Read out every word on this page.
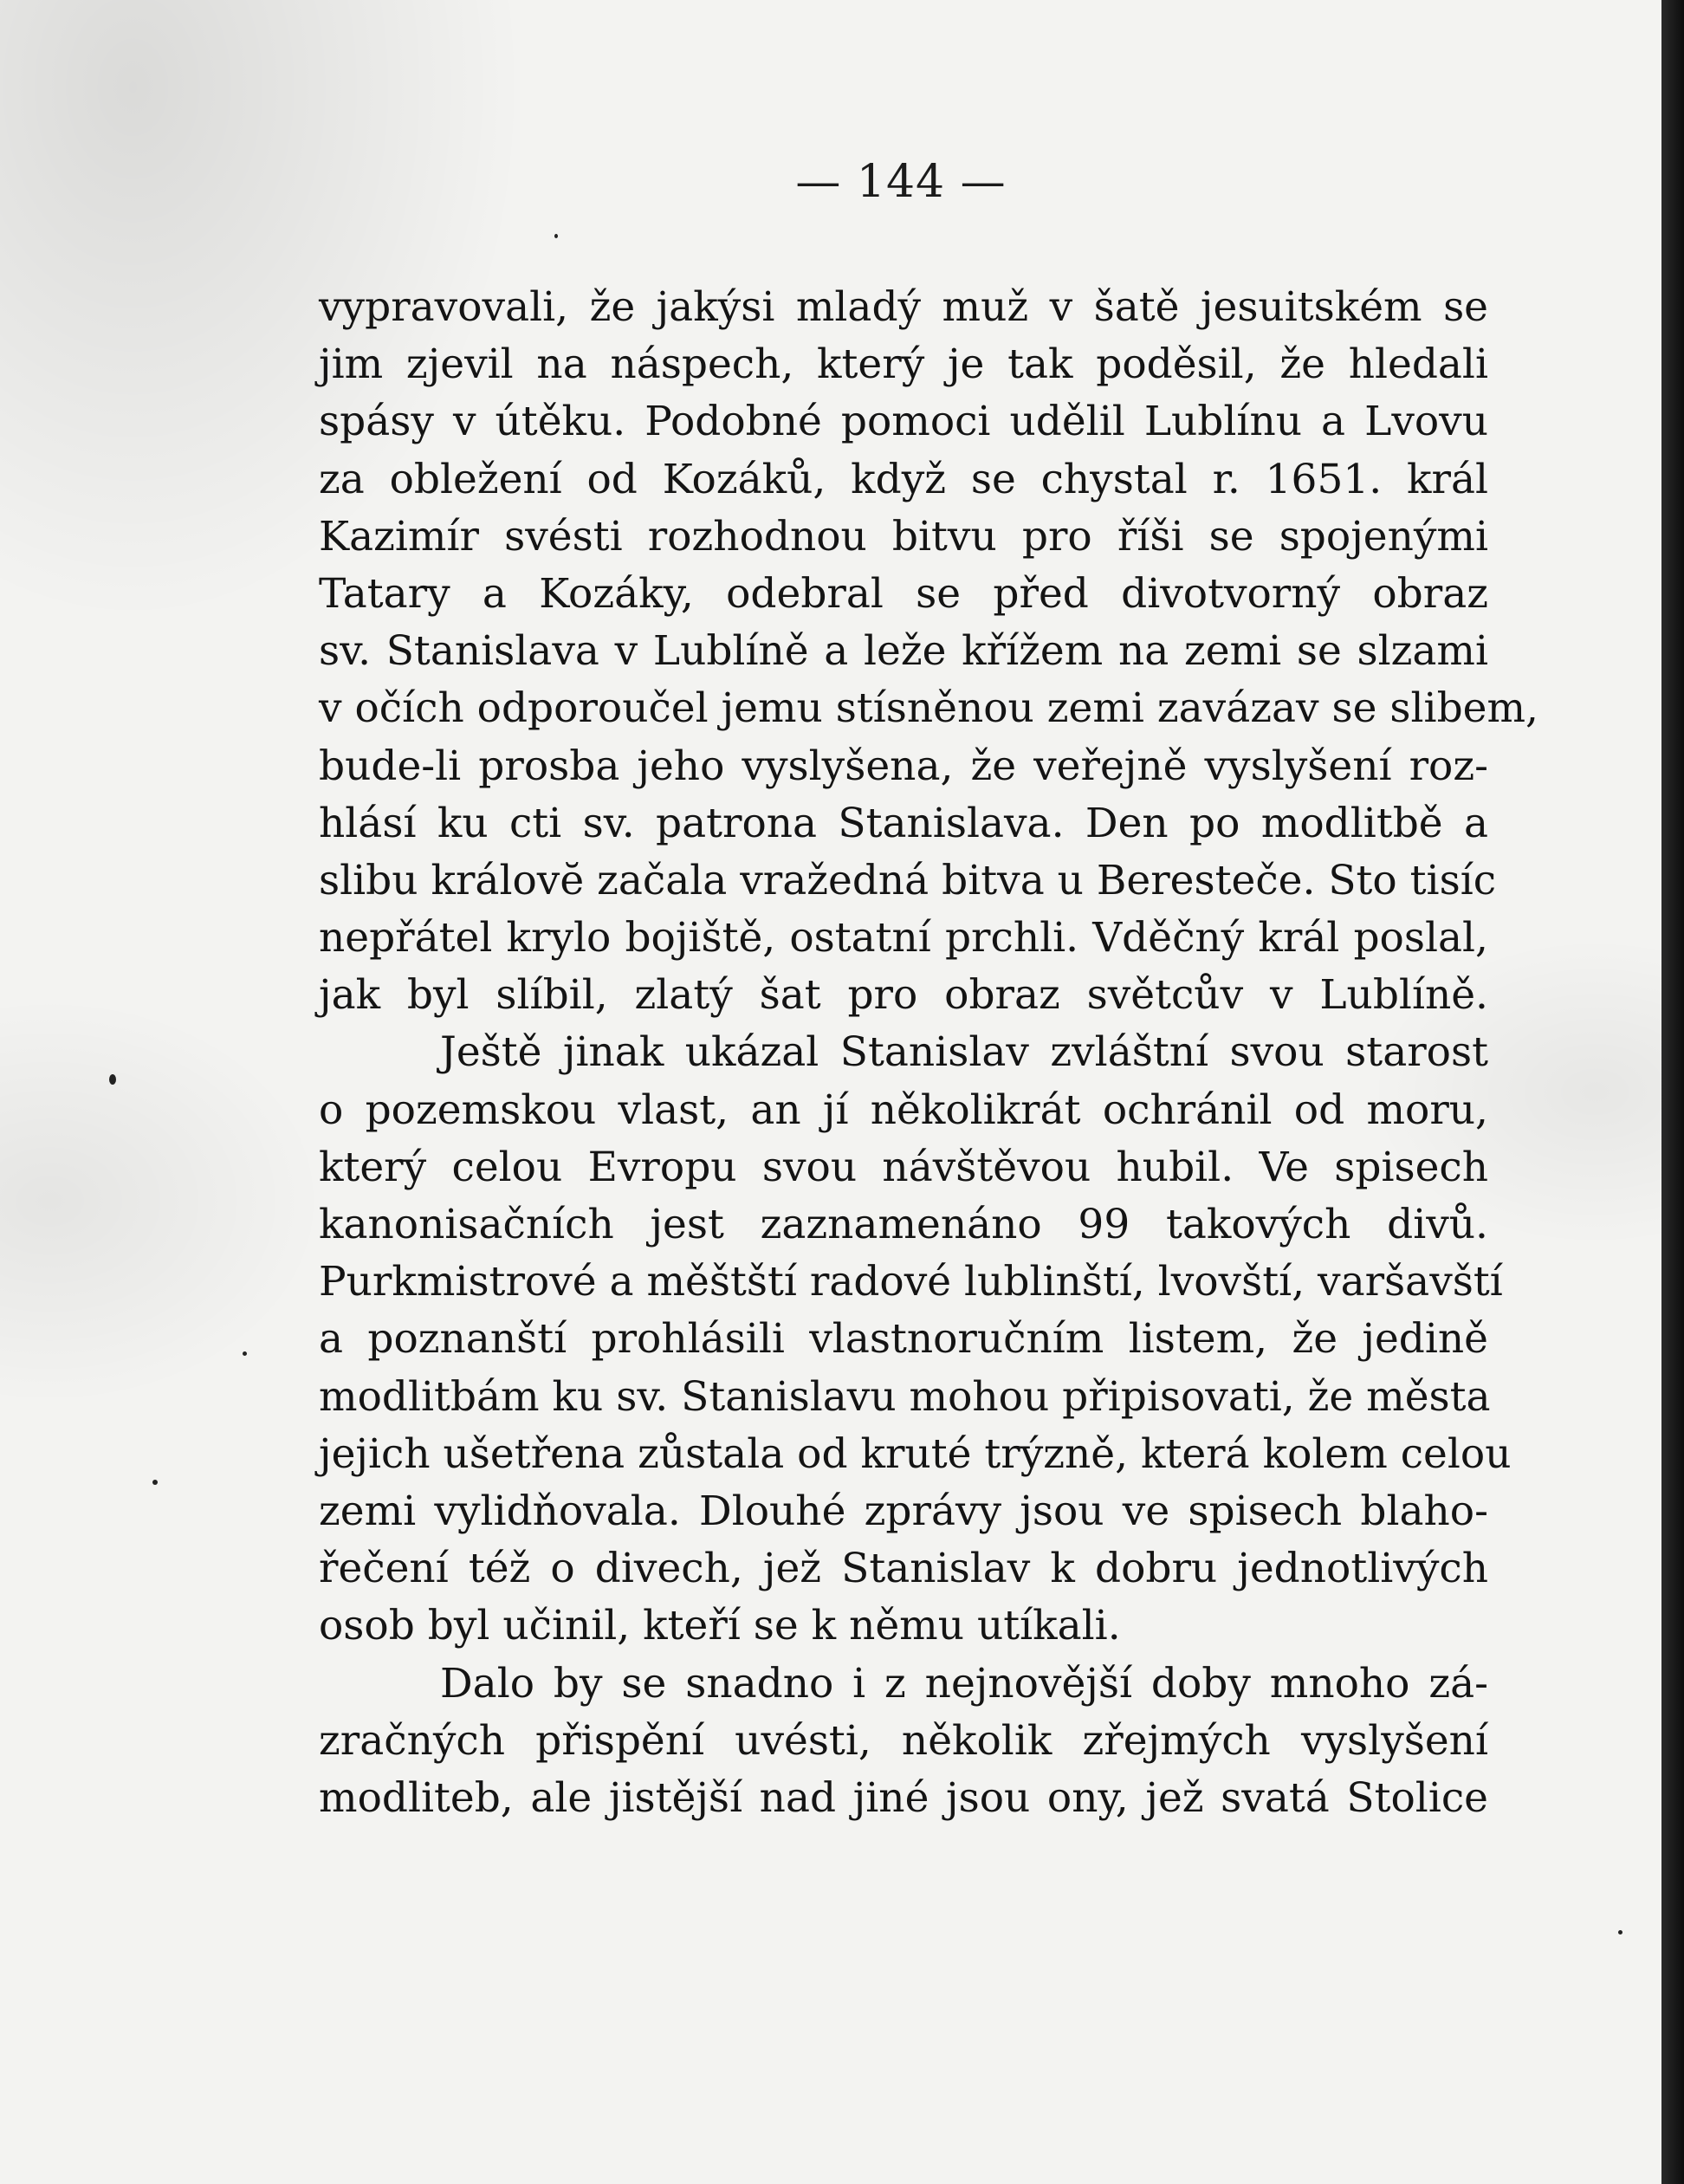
— 144 —
vypravovali, že jakýsi mladý muž v šatě jesuitském se
jim zjevil na náspech, který je tak poděsil, že hledali
spásy v útěku. Podobné pomoci udělil Lublínu a Lvovu
za obležení od Kozáků, když se chystal r. 1651. král
Kazimír svésti rozhodnou bitvu pro říši se spojenými
Tatary a Kozáky, odebral se před divotvorný obraz
sv. Stanislava v Lublíně a leže křížem na zemi se slzami
v očích odporoučel jemu stísněnou zemi zavázav se slibem,
bude-li prosba jeho vyslyšena, že veřejně vyslyšení roz-
hlásí ku cti sv. patrona Stanislava. Den po modlitbě a
slibu královĕ začala vražedná bitva u Beresteče. Sto tisíc
nepřátel krylo bojiště, ostatní prchli. Vděčný král poslal,
jak byl slíbil, zlatý šat pro obraz světcův v Lublíně.
Ještě jinak ukázal Stanislav zvláštní svou starost
o pozemskou vlast, an jí několikrát ochránil od moru,
který celou Evropu svou návštěvou hubil. Ve spisech
kanonisačních jest zaznamenáno 99 takových divů.
Purkmistrové a měštští radové lublinští, lvovští, varšavští
a poznanští prohlásili vlastnoručním listem, že jedině
modlitbám ku sv. Stanislavu mohou připisovati, že města
jejich ušetřena zůstala od kruté trýzně, která kolem celou
zemi vylidňovala. Dlouhé zprávy jsou ve spisech blaho-
řečení též o divech, jež Stanislav k dobru jednotlivých
osob byl učinil, kteří se k němu utíkali.
Dalo by se snadno i z nejnovější doby mnoho zá-
zračných přispění uvésti, několik zřejmých vyslyšení
modliteb, ale jistější nad jiné jsou ony, jež svatá Stolice
